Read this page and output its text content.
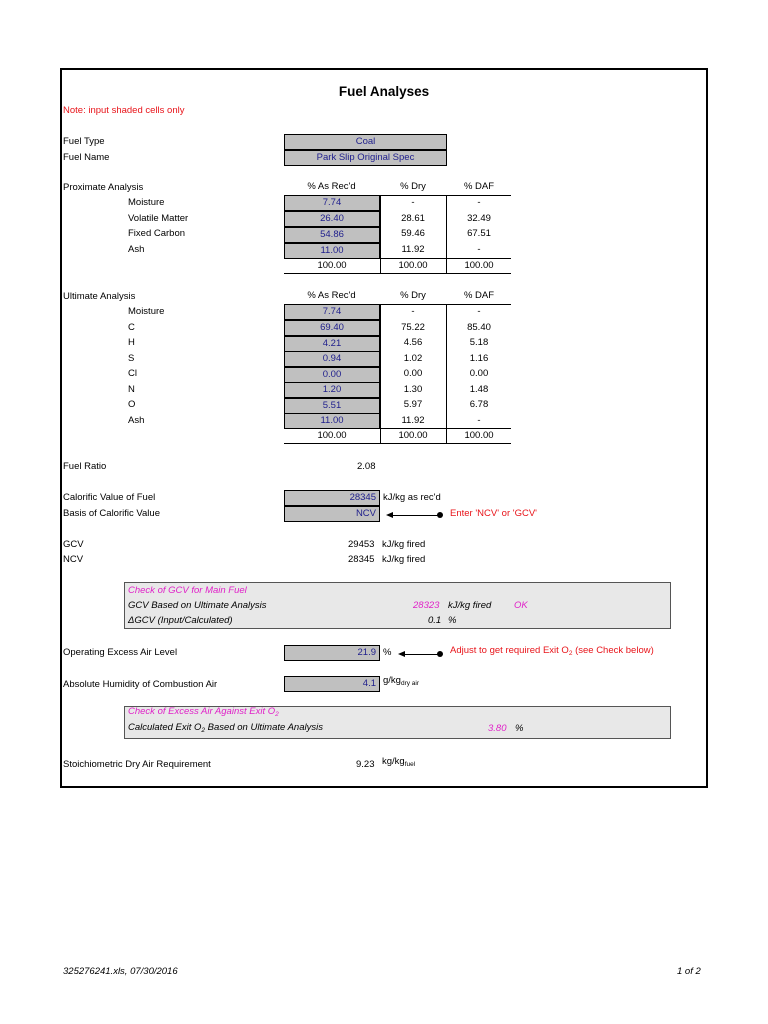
Fuel Analyses
Note: input shaded cells only
Fuel Type	Coal
Fuel Name	Park Slip Original Spec
Proximate Analysis	% As Rec'd	% Dry	% DAF
Moisture	7.74	-	-
Volatile Matter	26.40	28.61	32.49
Fixed Carbon	54.86	59.46	67.51
Ash	11.00	11.92	-
100.00	100.00	100.00
Ultimate Analysis	% As Rec'd	% Dry	% DAF
Moisture	7.74	-	-
C	69.40	75.22	85.40
H	4.21	4.56	5.18
S	0.94	1.02	1.16
Cl	0.00	0.00	0.00
N	1.20	1.30	1.48
O	5.51	5.97	6.78
Ash	11.00	11.92	-
100.00	100.00	100.00
Fuel Ratio	2.08
Calorific Value of Fuel	28345 kJ/kg as rec'd
Basis of Calorific Value	NCV	Enter 'NCV' or 'GCV'
GCV	29453 kJ/kg fired
NCV	28345 kJ/kg fired
Check of GCV for Main Fuel
GCV Based on Ultimate Analysis	28323 kJ/kg fired OK
ΔGCV (Input/Calculated)	0.1 %
Operating Excess Air Level	21.9 %	Adjust to get required Exit $O_2$ (see Check below)
Absolute Humidity of Combustion Air	4.1 $g/kg_{dry air}$
Check of Excess Air Against Exit $O_2$
Calculated Exit $O_2$ Based on Ultimate Analysis	3.80 %
Stoichiometric Dry Air Requirement	9.23 $kg/kg_{fuel}$
325276241.xls, 07/30/2016	1 of 2
